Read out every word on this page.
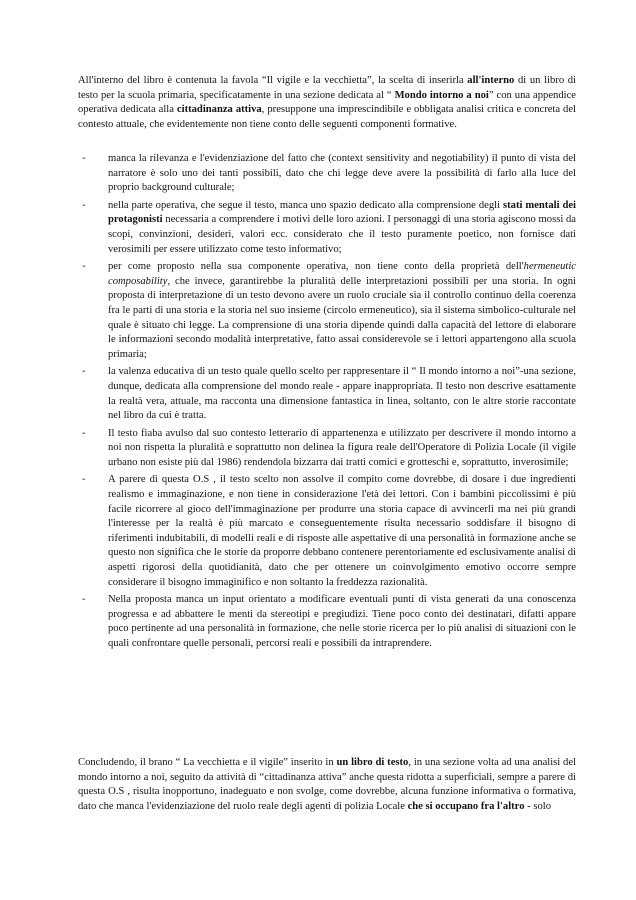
All'interno del libro è contenuta la favola “Il vigile e la vecchietta”, la scelta di inserirla all'interno di un libro di testo per la scuola primaria, specificatamente in una sezione dedicata al “ Mondo intorno a noi” con una appendice operativa dedicata alla cittadinanza attiva, presuppone una imprescindibile e obbligata analisi critica e concreta del contesto attuale, che evidentemente non tiene conto delle seguenti componenti formative.

- manca la rilevanza e l'evidenziazione del fatto che (context sensitivity and negotiability) il punto di vista del narratore è solo uno dei tanti possibili, dato che chi legge deve avere la possibilità di farlo alla luce del proprio background culturale;
- nella parte operativa, che segue il testo, manca uno spazio dedicato alla comprensione degli stati mentali dei protagonisti necessaria a comprendere i motivi delle loro azioni. I personaggi di una storia agiscono mossi da scopi, convinzioni, desideri, valori ecc. considerato che il testo puramente poetico, non fornisce dati verosimili per essere utilizzato come testo informativo;
- per come proposto nella sua componente operativa, non tiene conto della proprietà dell'hermeneutic composability, che invece, garantirebbe la pluralità delle interpretazioni possibili per una storia. In ogni proposta di interpretazione di un testo devono avere un ruolo cruciale sia il controllo continuo della coerenza fra le parti di una storia e la storia nel suo insieme (circolo ermeneutico), sia il sistema simbolico-culturale nel quale è situato chi legge. La comprensione di una storia dipende quindi dalla capacità del lettore di elaborare le informazioni secondo modalità interpretative, fatto assai considerevole se i lettori appartengono alla scuola primaria;
- la valenza educativa di un testo quale quello scelto per rappresentare il “ Il mondo intorno a noi”-una sezione, dunque, dedicata alla comprensione del mondo reale - appare inappropriata. Il testo non descrive esattamente la realtà vera, attuale, ma racconta una dimensione fantastica in linea, soltanto, con le altre storie raccontate nel libro da cui è tratta.
- Il testo fiaba avulso dal suo contesto letterario di appartenenza e utilizzato per descrivere il mondo intorno a noi non rispetta la pluralità e soprattutto non delinea la figura reale dell'Operatore di Polizia Locale (il vigile urbano non esiste più dal 1986) rendendola bizzarra dai tratti comici e grotteschi e, soprattutto, inverosimile;
- A parere di questa O.S , il testo scelto non assolve il compito come dovrebbe, di dosare i due ingredienti realismo e immaginazione, e non tiene in considerazione l'età dei lettori. Con i bambini piccolissimi è più facile ricorrere al gioco dell'immaginazione per produrre una storia capace di avvincerli ma nei più grandi l'interesse per la realtà è più marcato e conseguentemente risulta necessario soddisfare il bisogno di riferimenti indubitabili, di modelli reali e di risposte alle aspettative di una personalità in formazione anche se questo non significa che le storie da proporre debbano contenere perentoriamente ed esclusivamente analisi di aspetti rigorosi della quotidianità, dato che per ottenere un coinvolgimento emotivo occorre sempre considerare il bisogno immaginifico e non soltanto la freddezza razionalità.
- Nella proposta manca un input orientato a modificare eventuali punti di vista generati da una conoscenza progressa e ad abbattere le menti da stereotipi e pregiudizi. Tiene poco conto dei destinatari, difatti appare poco pertinente ad una personalità in formazione, che nelle storie ricerca per lo più analisi di situazioni con le quali confrontare quelle personali, percorsi reali e possibili da intraprendere.

Concludendo, il brano “ La vecchietta e il vigile” inserito in un libro di testo, in una sezione volta ad una analisi del mondo intorno a noi, seguito da attività di “cittadinanza attiva” anche questa ridotta a superficiali, sempre a parere di questa O.S , risulta inopportuno, inadeguato e non svolge, come dovrebbe, alcuna funzione informativa o formativa, dato che manca l'evidenziazione del ruolo reale degli agenti di polizia Locale che si occupano fra l'altro - solo
